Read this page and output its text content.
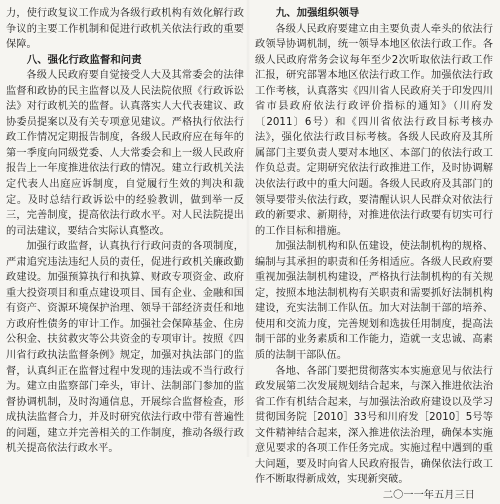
力，使行政复议工作成为各级行政机构有效化解行政争议的主要工作机制和促进行政机关依法行政的重要保障。

八、强化行政监督和问责

各级人民政府要自觉接受人大及其常委会的法律监督和政协的民主监督以及人民法院依照《行政诉讼法》对行政机关的监督。认真落实人大代表建议、政协委员提案以及有关专项意见建议。严格执行依法行政工作情况定期报告制度，各级人民政府应在每年的第一季度向同级党委、人大常委会和上一级人民政府报告上一年度推进依法行政的情况。建立行政机关法定代表人出庭应诉制度，自觉履行生效的判决和裁定。及时总结行政诉讼中的经验教训，做到举一反三，完善制度，提高依法行政水平。对人民法院提出的司法建议，要结合实际认真整改。

加强行政监督，认真执行行政问责的各项制度，严肃追究违法违纪人员的责任，促进行政机关廉政勤政建设。加强预算执行和执算、财政专项资金、政府重大投资项目和重点建设项目、国有企业、金融和国有资产、资源环境保护治理、领导干部经济责任和地方政府性债务的审计工作。加强社会保障基金、住房公积金、扶贫救灾等公共资金的专项审计。按照《四川省行政执法监督条例》规定，加强对执法部门的监督，认真纠正在监督过程中发现的违法或不当行政行为。建立由监察部门牵头，审计、法制部门参加的监督协调机制，及时沟通信息，开展综合监督检查，形成执法监督合力，并及时研究依法行政中带有普遍性的问题，建立并完善相关的工作制度，推动各级行政机关提高依法行政水平。

九、加强组织领导

各级人民政府要建立由主要负责人牵头的依法行政领导协调机制，统一领导本地区依法行政工作。各级人民政府常务会议每年至少2次听取依法行政工作汇报，研究部署本地区依法行政工作。加强依法行政工作考核，认真落实《四川省人民政府关于印发四川省市县政府依法行政评价指标的通知》（川府发〔2011〕6号）和《四川省依法行政目标考核办法》，强化依法行政目标考核。各级人民政府及其所属部门主要负责人要对本地区、本部门的依法行政工作负总责。定期研究依法行政推进工作，及时协调解决依法行政中的重大问题。各级人民政府及其部门的领导要带头依法行政，要清醒认识人民群众对依法行政的新要求、新期待，对推进依法行政要有切实可行的工作目标和措施。

加强法制机构和队伍建设，使法制机构的规格、编制与其承担的职责和任务相适应。各级人民政府要重视加强法制机构建设，严格执行法制机构的有关规定，按照本地法制机构有关职责和需要抓好法制机构建设，充实法制工作队伍。加大对法制干部的培养、使用和交流力度，完善规划和选拔任用制度，提高法制干部的业务素质和工作能力，造就一支忠诚、高素质的法制干部队伍。

各地、各部门要把贯彻落实本实施意见与依法行政发展第二次发展规划结合起来，与深入推进依法治省工作有机结合起来，与加强法治政府建设以及学习贯彻国务院［2010］33号和川府发［2010］5号等文件精神结合起来，深入推进依法治理，确保本实施意见要求的各项工作任务完成。实施过程中遇到的重大问题，要及时向省人民政府报告，确保依法行政工作不断取得新成效，实现新突破。

二〇一一年五月三日
